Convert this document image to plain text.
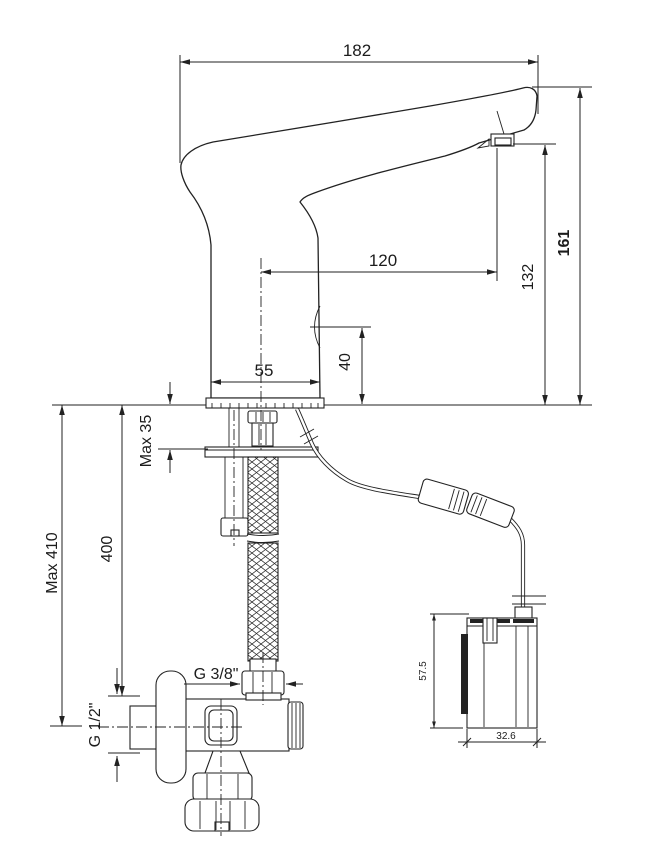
182
161
132
120
40
55
Max 410 400
Max 35
G 3/8"
G 1/2"
57.5
32.6
